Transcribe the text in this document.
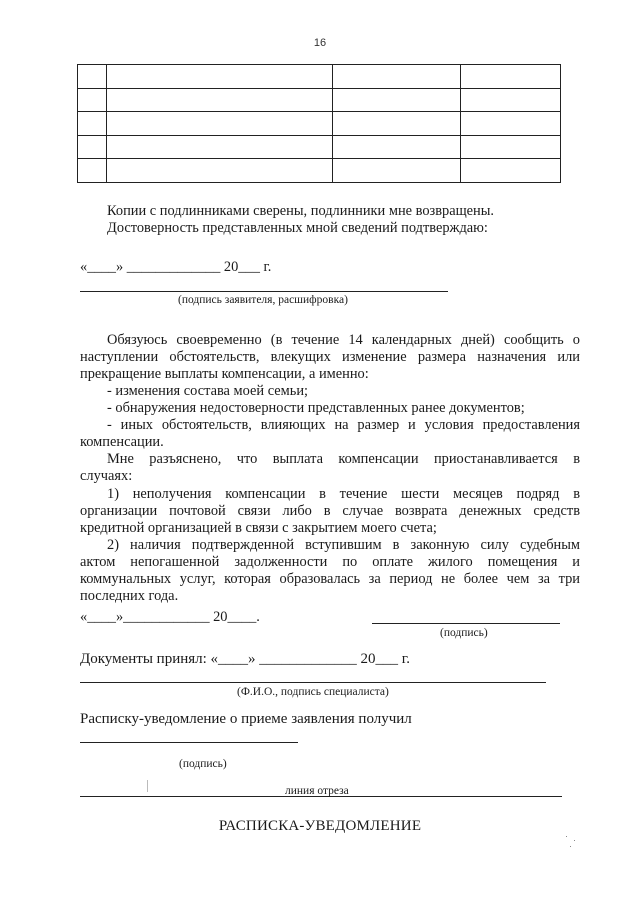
16

Копии с подлинниками сверены, подлинники мне возвращены.
Достоверность представленных мной сведений подтверждаю:
«____» _____________ 20___ г.
(подпись заявителя, расшифровка)
Обязуюсь своевременно (в течение 14 календарных дней) сообщить о
наступлении обстоятельств, влекущих изменение размера назначения или
прекращение выплаты компенсации, а именно:
- изменения состава моей семьи;
- обнаружения недостоверности представленных ранее документов;
- иных обстоятельств, влияющих на размер и условия предоставления
компенсации.
Мне разъяснено, что выплата компенсации приостанавливается в
случаях:
1) неполучения компенсации в течение шести месяцев подряд в
организации почтовой связи либо в случае возврата денежных средств
кредитной организацией в связи с закрытием моего счета;
2) наличия подтвержденной вступившим в законную силу судебным
актом непогашенной задолженности по оплате жилого помещения и
коммунальных услуг, которая образовалась за период не более чем за три
последних года.
«____»____________ 20____.
(подпись)
Документы принял: «____» _____________ 20___ г.
(Ф.И.О., подпись специалиста)
Расписку-уведомление о приеме заявления получил
(подпись)
линия отреза
РАСПИСКА-УВЕДОМЛЕНИЕ
